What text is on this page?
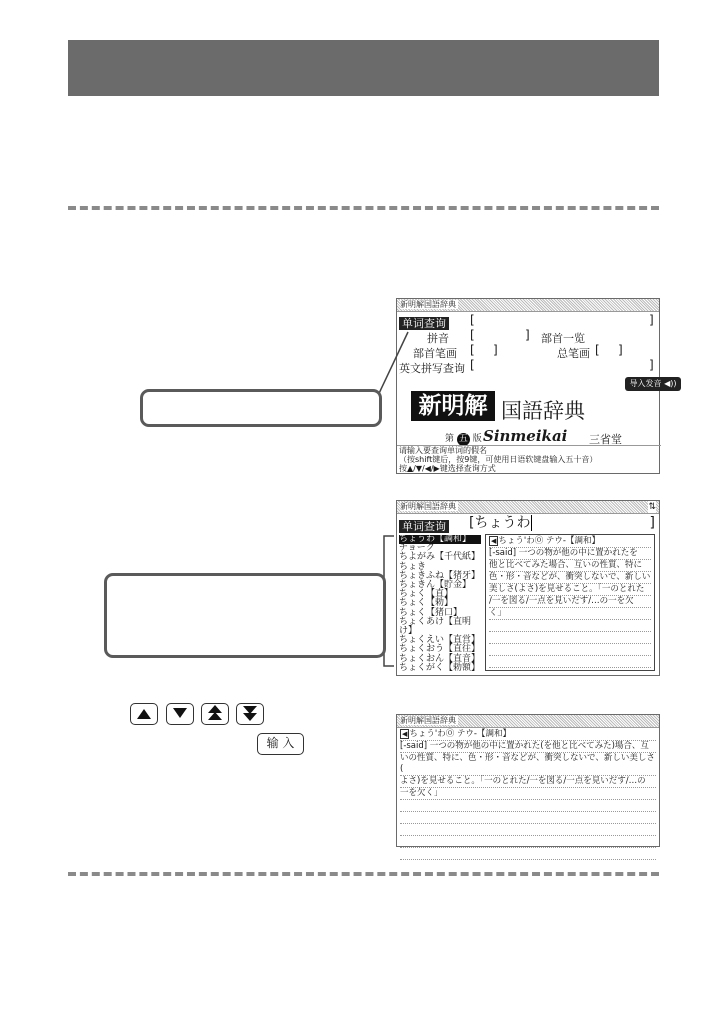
新明解国語辞典
单词查询 [	]
拼音 [	] 部首一览
部首笔画 [ ]	总笔画 [ ]
英文拼写查询 [	]
导入发音 ◀))
新明解 国語辞典
第 五 版 Sinmeikai 三省堂
请输入要查询单词的假名
（按shift键后，按9键，可使用日语软键盘输入五十音）
按▲/▼/◀/▶键选择查询方式
新明解国語辞典	⇅
单词查询 [ちょうわ	]
ちょうわ【調和】
チョーク
ちよがみ【千代紙】
ちょき
ちょきふね【猪牙】
ちょきん【貯金】
ちょく【直】
ちょく【勅】
ちょく【猪口】
ちょくあけ【直明け】
ちょくえい【直営】
ちょくおう【直往】
ちょくおん【直音】
ちょくがく【勅額】
◀ ちょう'わ⓪ テウ-【調和】
[-said] 一つの物が他の中に置かれたを
他と比べてみた場合、互いの性質、特に
色・形・音などが、衝突しないで、新しい
美しさ(よさ)を見せること。「一のとれた
/一を図る/一点を見いだす/…の一を欠
く」
输 入
新明解国語辞典
◀ ちょう'わ⓪ テウ-【調和】
[-said] 一つの物が他の中に置かれた(を他と比べてみた)場合、互
いの性質、特に、色・形・音などが、衝突しないで、新しい美しさ(
よさ)を見せること。「一のとれた/一を図る/一点を見いだす/…の
一を欠く」
